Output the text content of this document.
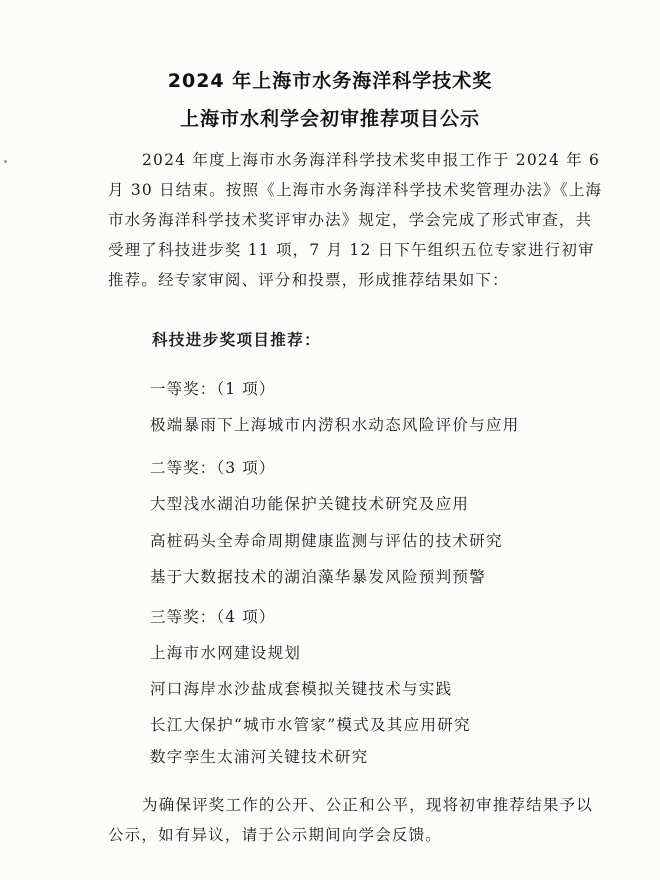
2024 年上海市水务海洋科学技术奖
上海市水利学会初审推荐项目公示
2024 年度上海市水务海洋科学技术奖申报工作于 2024 年 6 月 30 日结束。按照《上海市水务海洋科学技术奖管理办法》《上海市水务海洋科学技术奖评审办法》规定，学会完成了形式审查，共受理了科技进步奖 11 项，7 月 12 日下午组织五位专家进行初审推荐。经专家审阅、评分和投票，形成推荐结果如下：
科技进步奖项目推荐：
一等奖：（1 项）
极端暴雨下上海城市内涝积水动态风险评价与应用
二等奖：（3 项）
大型浅水湖泊功能保护关键技术研究及应用
高桩码头全寿命周期健康监测与评估的技术研究
基于大数据技术的湖泊藻华暴发风险预判预警
三等奖：（4 项）
上海市水网建设规划
河口海岸水沙盐成套模拟关键技术与实践
长江大保护“城市水管家”模式及其应用研究
数字孪生太浦河关键技术研究
为确保评奖工作的公开、公正和公平，现将初审推荐结果予以公示，如有异议，请于公示期间向学会反馈。
